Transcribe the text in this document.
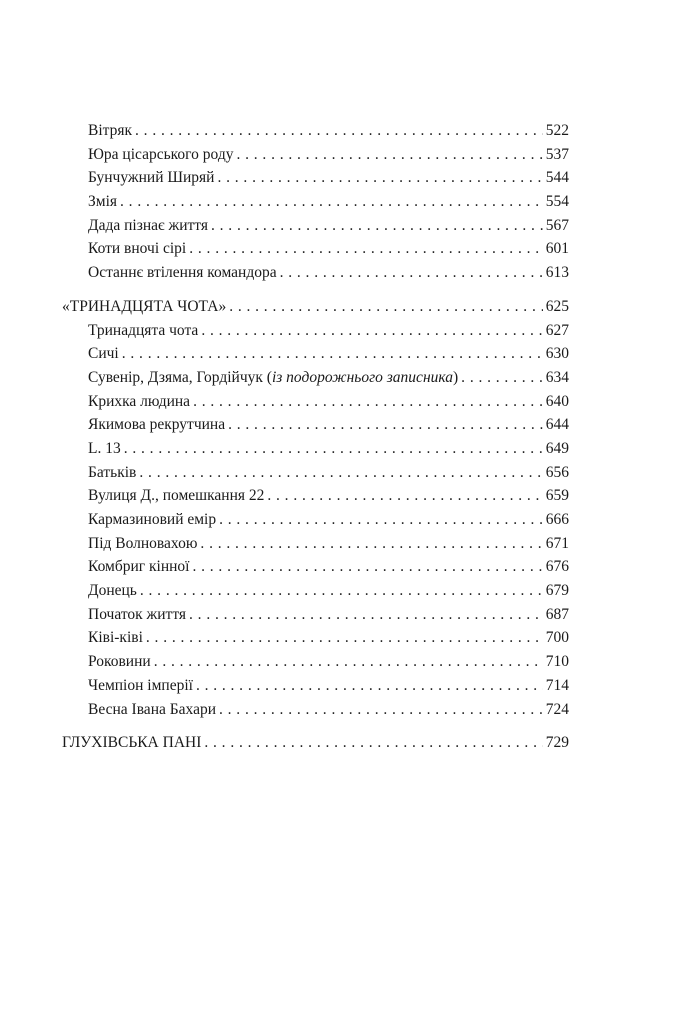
Вітряк . . .	522
Юра цісарського роду . . .	537
Бунчужний Ширяй . . .	544
Змія . . .	554
Дада пізнає життя . . .	567
Коти вночі сірі . . .	601
Останнє втілення командора . . .	613
«ТРИНАДЦЯТА ЧОТА» . . .	625
Тринадцята чота . . .	627
Сичі . . .	630
Сувенір, Дзяма, Гордійчук (із подорожнього записника) . . .	634
Крихка людина . . .	640
Якимова рекрутчина . . .	644
L. 13 . . .	649
Батьків . . .	656
Вулиця Д., помешкання 22 . . .	659
Кармазиновий емір . . .	666
Під Волновахою . . .	671
Комбриг кінної . . .	676
Донець . . .	679
Початок життя . . .	687
Ківі-ківі . . .	700
Роковини . . .	710
Чемпіон імперії . . .	714
Весна Івана Бахари . . .	724
ГЛУХІВСЬКА ПАНІ . . .	729
